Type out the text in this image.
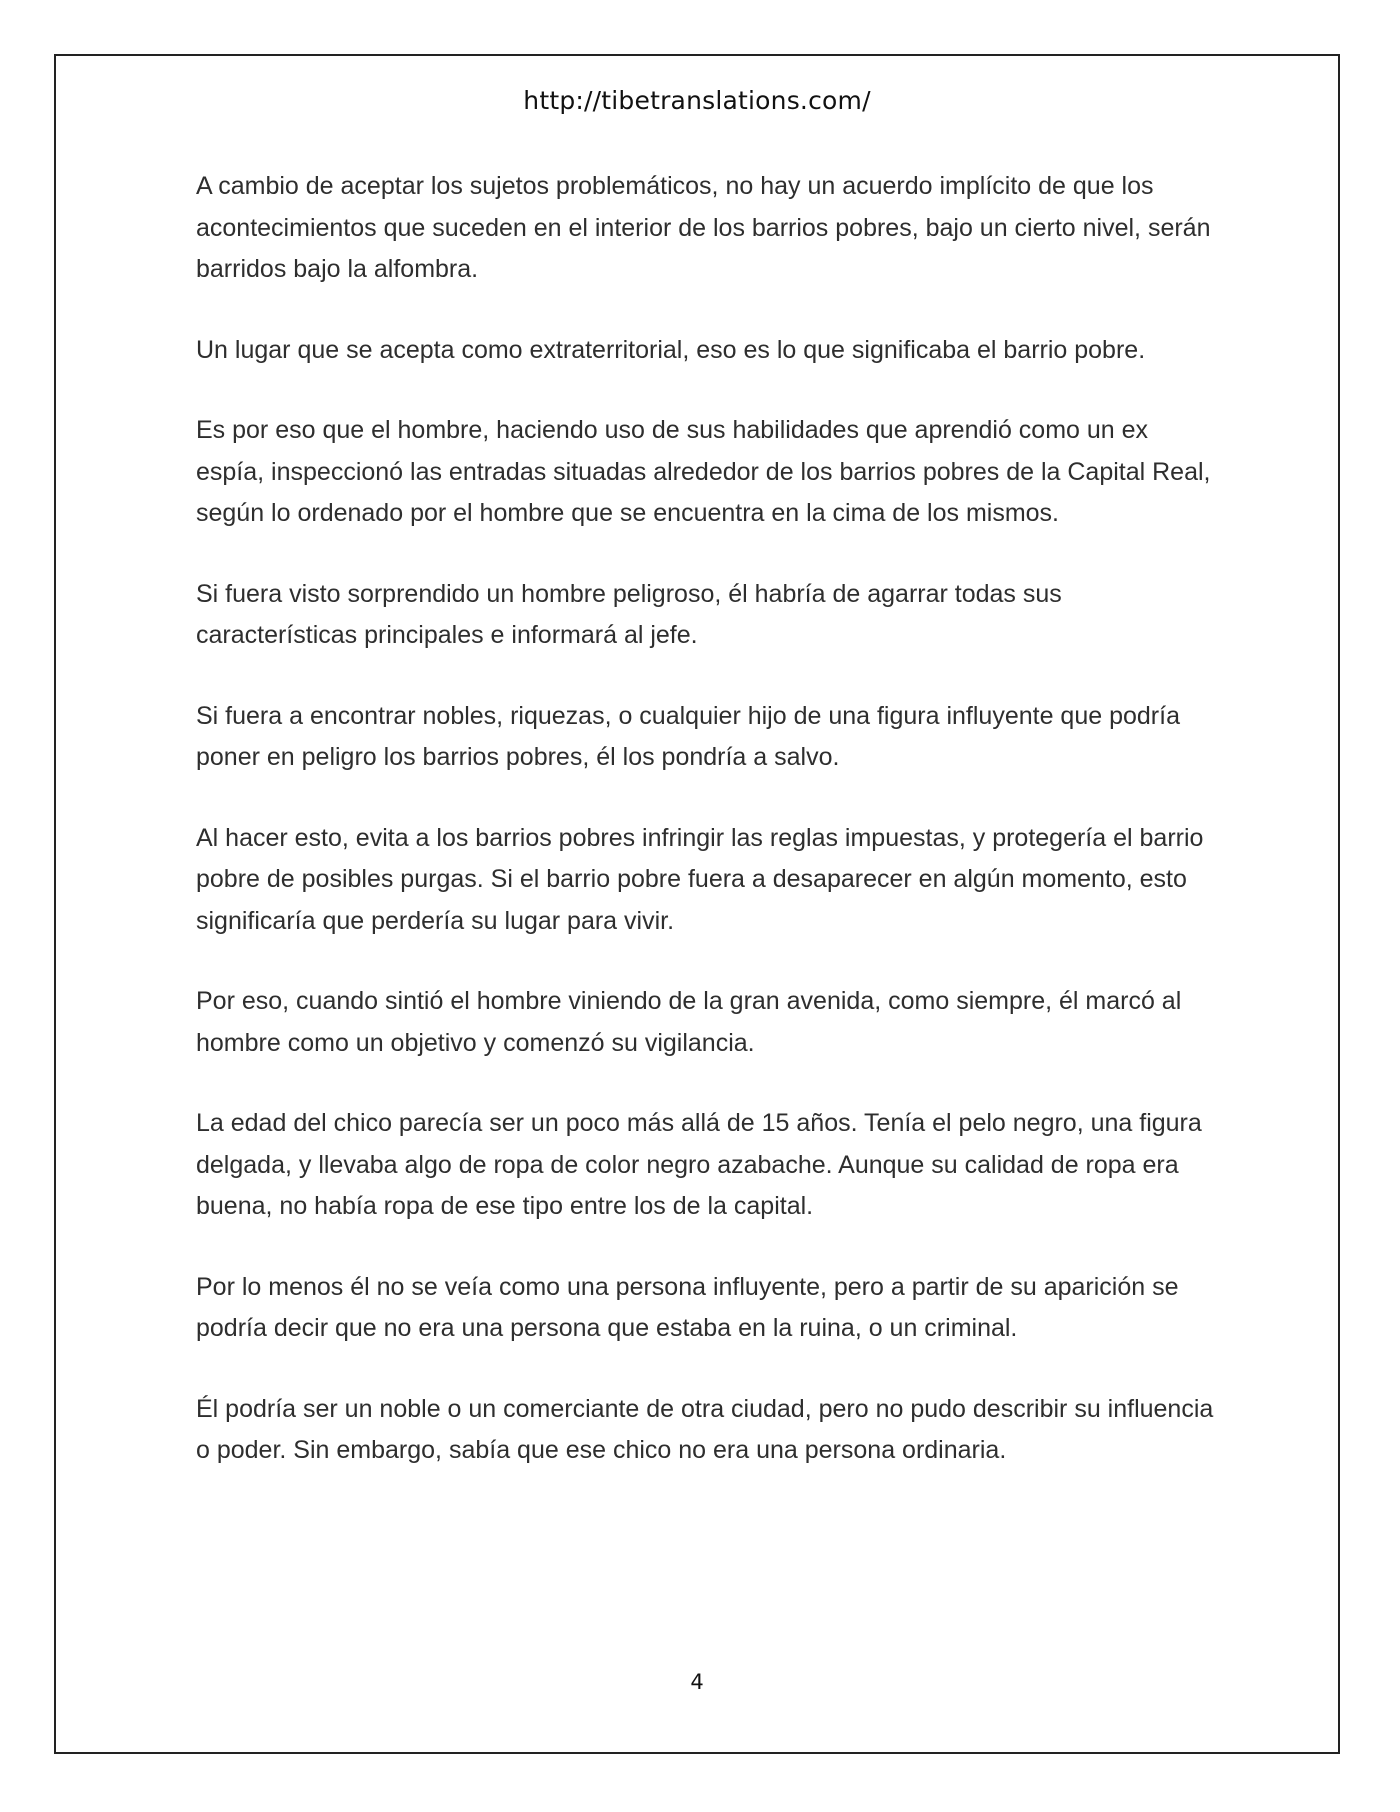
http://tibetranslations.com/

A cambio de aceptar los sujetos problemáticos, no hay un acuerdo implícito de que los acontecimientos que suceden en el interior de los barrios pobres, bajo un cierto nivel, serán barridos bajo la alfombra.

Un lugar que se acepta como extraterritorial, eso es lo que significaba el barrio pobre.

Es por eso que el hombre, haciendo uso de sus habilidades que aprendió como un ex espía, inspeccionó las entradas situadas alrededor de los barrios pobres de la Capital Real, según lo ordenado por el hombre que se encuentra en la cima de los mismos.

Si fuera visto sorprendido un hombre peligroso, él habría de agarrar todas sus características principales e informará al jefe.

Si fuera a encontrar nobles, riquezas, o cualquier hijo de una figura influyente que podría poner en peligro los barrios pobres, él los pondría a salvo.

Al hacer esto, evita a los barrios pobres infringir las reglas impuestas, y protegería el barrio pobre de posibles purgas. Si el barrio pobre fuera a desaparecer en algún momento, esto significaría que perdería su lugar para vivir.

Por eso, cuando sintió el hombre viniendo de la gran avenida, como siempre, él marcó al hombre como un objetivo y comenzó su vigilancia.

La edad del chico parecía ser un poco más allá de 15 años. Tenía el pelo negro, una figura delgada, y llevaba algo de ropa de color negro azabache. Aunque su calidad de ropa era buena, no había ropa de ese tipo entre los de la capital.

Por lo menos él no se veía como una persona influyente, pero a partir de su aparición se podría decir que no era una persona que estaba en la ruina, o un criminal.

Él podría ser un noble o un comerciante de otra ciudad, pero no pudo describir su influencia o poder. Sin embargo, sabía que ese chico no era una persona ordinaria.

4
